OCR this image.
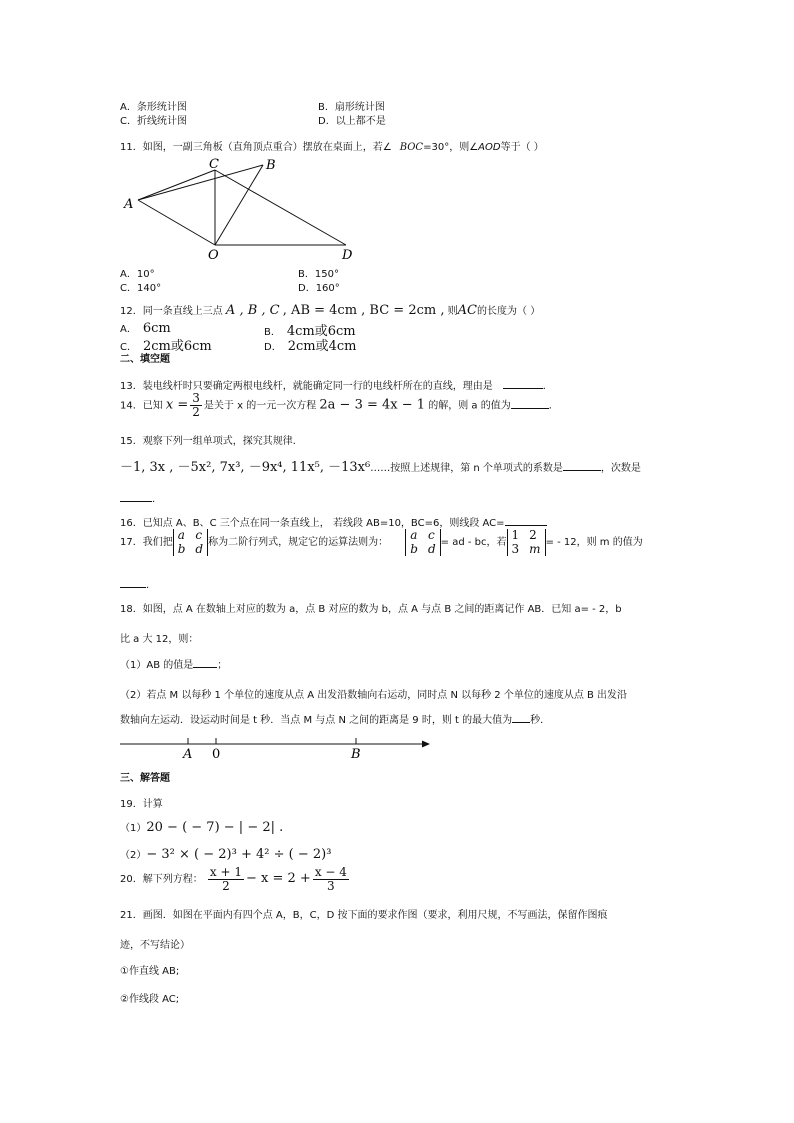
A．条形统计图	B．扇形统计图
C．折线统计图	D．以上都不是
11．如图，一副三角板（直角顶点重合）摆放在桌面上，若∠ BOC=30°，则∠AOD等于（ ）
A
B
C
O	D
A．10°	B．150°
C．140°	D．160°
12．同一条直线上三点 A , B , C , AB = 4cm , BC = 2cm , 则AC的长度为（ ）
A． 6cm	B． 4cm或6cm
C． 2cm或6cm	D． 2cm或4cm
二、填空题
13．装电线杆时只要确定两根电线杆，就能确定同一行的电线杆所在的直线，理由是	．
14．已知 $x = \frac{3}{2}$ 是关于 x 的一元一次方程 2a − 3 = 4x − 1 的解，则 a 的值为	．
15．观察下列一组单项式，探究其规律．
－1, 3x , －5x², 7x³, －9x⁴, 11x⁵, －13x⁶……按照上述规律，第 n 个单项式的系数是	，次数是
．
16．已知点 A、B、C 三个点在同一条直线上， 若线段 AB=10，BC=6，则线段 AC=
17．我们把
a c
b d 称为二阶行列式，规定它的运算法则为：
a c
b d = ad - bc，若
1 2
3 m = - 12，则 m 的值为
．
18．如图，点 A 在数轴上对应的数为 a，点 B 对应的数为 b，点 A 与点 B 之间的距离记作 AB．已知 a= - 2，b
比 a 大 12，则：
（1）AB 的值是 ；
（2）若点 M 以每秒 1 个单位的速度从点 A 出发沿数轴向右运动，同时点 N 以每秒 2 个单位的速度从点 B 出发沿
数轴向左运动．设运动时间是 t 秒．当点 M 与点 N 之间的距离是 9 时，则 t 的最大值为 秒．
A 0	B
三、解答题
19．计算
（1）20 − ( − 7) − | − 2| .
（2）− 3² × ( − 2)³ + 4² ÷ ( − 2)³
20．解下列方程： $\frac{x + 1}{2} - x = 2 + \frac{x - 4}{3}$
21．画图．如图在平面内有四个点 A，B，C，D 按下面的要求作图（要求，利用尺规，不写画法，保留作图痕
迹，不写结论）
①作直线 AB;
②作线段 AC;
